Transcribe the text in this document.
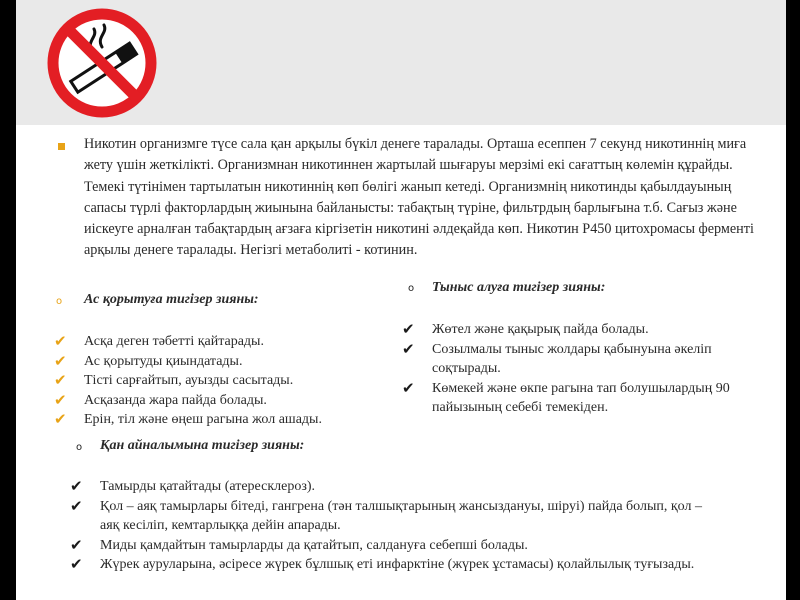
Никотин организмге түсе сала қан арқылы бүкіл денеге таралады. Орташа есеппен 7 секунд никотиннің миға жету үшін жеткілікті. Организмнан никотиннен жартылай шығаруы мерзімі екі сағаттың көлемін құрайды. Темекі түтінімен тартылатын никотиннің көп бөлігі жанып кетеді. Организмнің никотинды қабылдауының сапасы түрлі факторлардың жиынына байланысты: табақтың түріне, фильтрдың барлығына т.б. Сағыз және иіскеугe арналған табақтардың ағзаға кіргізетін никотині әлдеқайда көп. Никотин P450 цитохромасы ферменті арқылы денеге таралады. Негізгі метаболиті - котинин.

o Ас қорытуға тигізер зияны:
✔ Асқа деген тәбетті қайтарады.
✔ Ас қорытуды қиындатады.
✔ Тісті сарғайтып, ауызды сасытады.
✔ Асқазанда жара пайда болады.
✔ Ерін, тіл және өңеш рагына жол ашады.
o Тыныс алуға тигізер зияны:
✔ Жөтел және қақырық пайда болады.
✔ Созылмалы тыныс жолдары қабынуына әкеліп соқтырады.
✔ Көмекей және өкпе рагына тап болушылардың 90 пайызының себебі темекіден.
o Қан айналымына тигізер зияны:
✔ Тамырды қатайтады (атересклероз).
✔ Қол – аяқ тамырлары бітеді, гангрена (тән талшықтарының жансыздануы, шіруі) пайда болып, қол – аяқ кесіліп, кемтарлыққа дейін апарады.
✔ Миды қамдайтын тамырларды да қатайтып, салдануға себепші болады.
✔ Жүрек ауруларына, әсіресе жүрек бұлшық еті инфарктіне (жүрек ұстамасы) қолайлылық туғызады.
